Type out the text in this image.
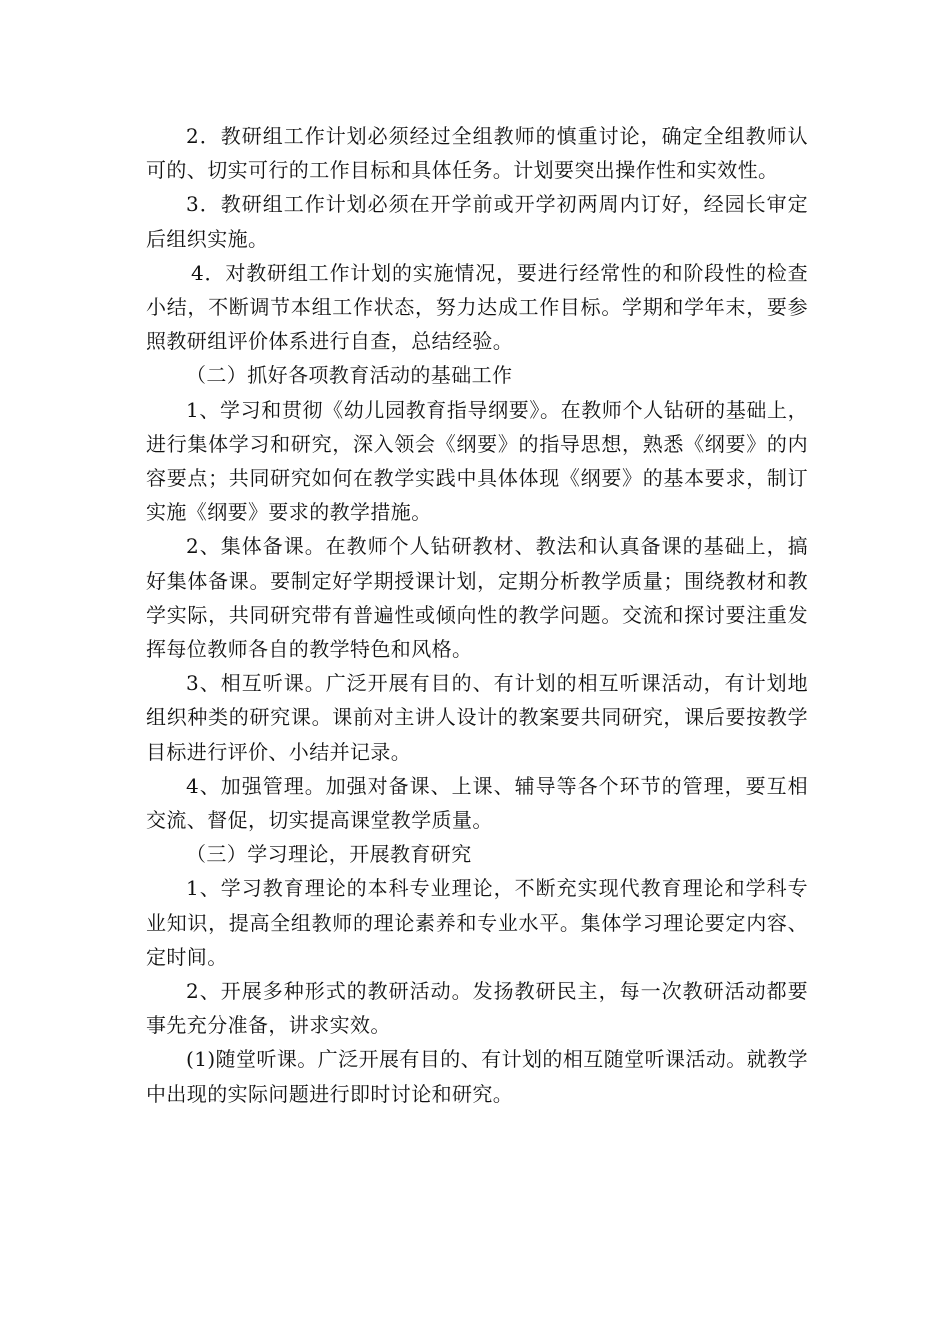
2．教研组工作计划必须经过全组教师的慎重讨论，确定全组教师认可的、切实可行的工作目标和具体任务。计划要突出操作性和实效性。

3．教研组工作计划必须在开学前或开学初两周内订好，经园长审定后组织实施。

4．对教研组工作计划的实施情况，要进行经常性的和阶段性的检查小结，不断调节本组工作状态，努力达成工作目标。学期和学年末，要参照教研组评价体系进行自查，总结经验。

（二）抓好各项教育活动的基础工作

1、学习和贯彻《幼儿园教育指导纲要》。在教师个人钻研的基础上，进行集体学习和研究，深入领会《纲要》的指导思想，熟悉《纲要》的内容要点；共同研究如何在教学实践中具体体现《纲要》的基本要求，制订实施《纲要》要求的教学措施。

2、集体备课。在教师个人钻研教材、教法和认真备课的基础上，搞好集体备课。要制定好学期授课计划，定期分析教学质量；围绕教材和教学实际，共同研究带有普遍性或倾向性的教学问题。交流和探讨要注重发挥每位教师各自的教学特色和风格。

3、相互听课。广泛开展有目的、有计划的相互听课活动，有计划地组织种类的研究课。课前对主讲人设计的教案要共同研究，课后要按教学目标进行评价、小结并记录。

4、加强管理。加强对备课、上课、辅导等各个环节的管理，要互相交流、督促，切实提高课堂教学质量。

（三）学习理论，开展教育研究

1、学习教育理论的本科专业理论，不断充实现代教育理论和学科专业知识，提高全组教师的理论素养和专业水平。集体学习理论要定内容、定时间。

2、开展多种形式的教研活动。发扬教研民主，每一次教研活动都要事先充分准备，讲求实效。

(1)随堂听课。广泛开展有目的、有计划的相互随堂听课活动。就教学中出现的实际问题进行即时讨论和研究。
